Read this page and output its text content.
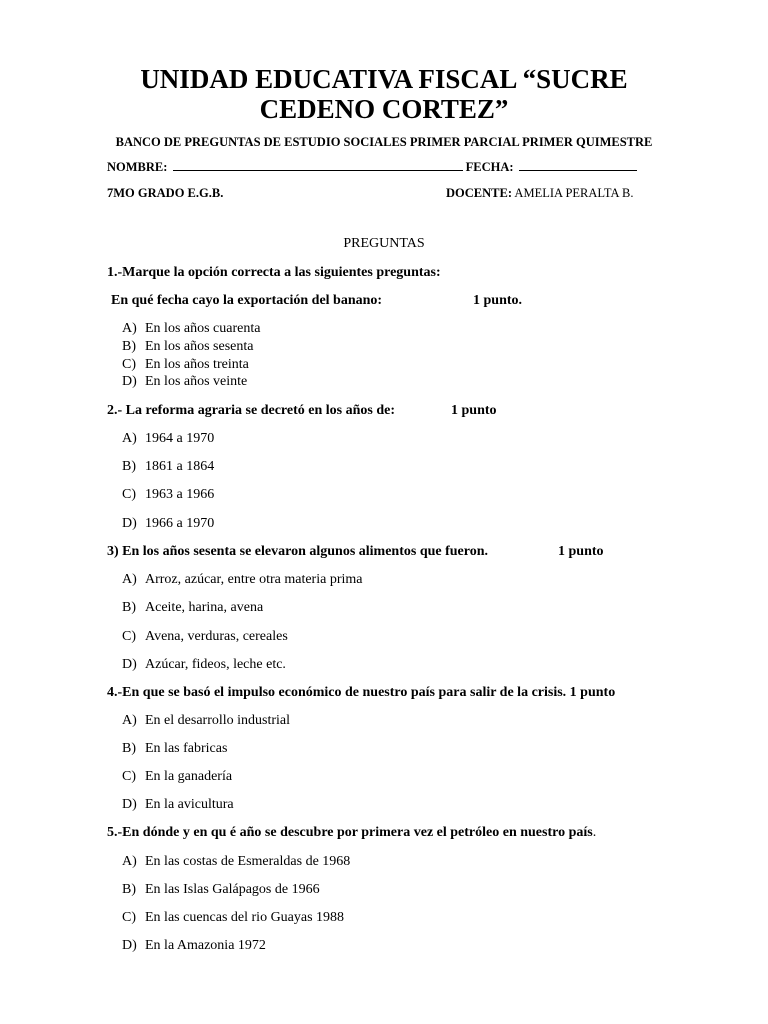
UNIDAD EDUCATIVA FISCAL “SUCRE
CEDENO CORTEZ”
BANCO DE PREGUNTAS DE ESTUDIO SOCIALES PRIMER PARCIAL PRIMER QUIMESTRE
NOMBRE:	FECHA:
7MO GRADO E.G.B.	DOCENTE: AMELIA PERALTA B.
PREGUNTAS
1.-Marque la opción correcta a las siguientes preguntas:
En qué fecha cayo la exportación del banano:	1 punto.
A) En los años cuarenta
B) En los años sesenta
C) En los años treinta
D) En los años veinte
2.- La reforma agraria se decretó en los años de:	1 punto
A) 1964 a 1970
B) 1861 a 1864
C) 1963 a 1966
D) 1966 a 1970
3) En los años sesenta se elevaron algunos alimentos que fueron.	1 punto
A) Arroz, azúcar, entre otra materia prima
B) Aceite, harina, avena
C) Avena, verduras, cereales
D) Azúcar, fideos, leche etc.
4.-En que se basó el impulso económico de nuestro país para salir de la crisis. 1 punto
A) En el desarrollo industrial
B) En las fabricas
C) En la ganadería
D) En la avicultura
5.-En dónde y en qu é año se descubre por primera vez el petróleo en nuestro país.
A) En las costas de Esmeraldas de 1968
B) En las Islas Galápagos de 1966
C) En las cuencas del rio Guayas 1988
D) En la Amazonia 1972
